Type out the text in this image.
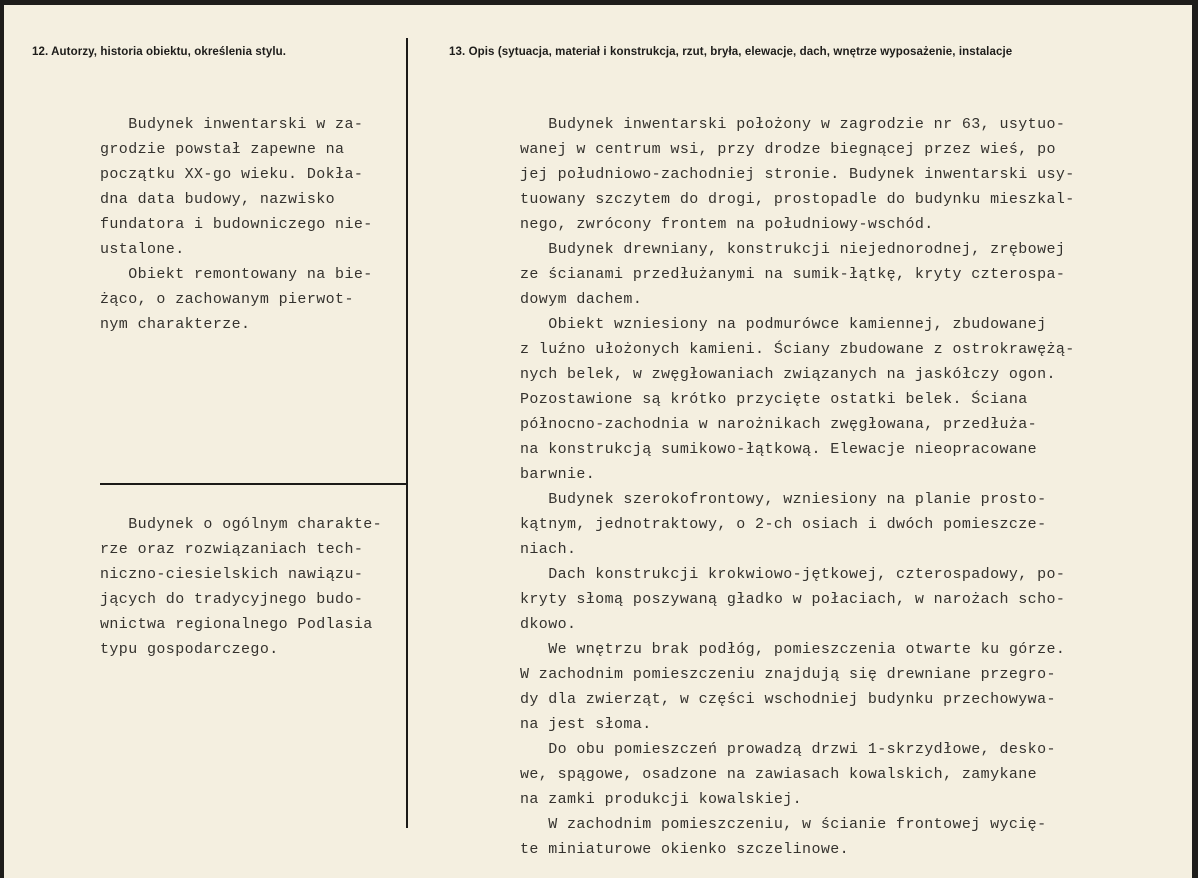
12. Autorzy, historia obiektu, określenia stylu.	13. Opis (sytuacja, materiał i konstrukcja, rzut, bryła, elewacje, dach, wnętrze wyposażenie, instalacje
Budynek inwentarski w za-
grodzie powstał zapewne na
początku XX-go wieku. Dokła-
dna data budowy, nazwisko
fundatora i budowniczego nie-
ustalone.
Obiekt remontowany na bie-
żąco, o zachowanym pierwot-
nym charakterze.
Budynek o ogólnym charakte-
rze oraz rozwiązaniach tech-
niczno-ciesielskich nawiązu-
jących do tradycyjnego budo-
wnictwa regionalnego Podlasia
typu gospodarczego.
Budynek inwentarski położony w zagrodzie nr 63, usytuo-
wanej w centrum wsi, przy drodze biegnącej przez wieś, po
jej południowo-zachodniej stronie. Budynek inwentarski usy-
tuowany szczytem do drogi, prostopadle do budynku mieszkal-
nego, zwrócony frontem na południowy-wschód.
Budynek drewniany, konstrukcji niejednorodnej, zrębowej
ze ścianami przedłużanymi na sumik-łątkę, kryty czterospa-
dowym dachem.
Obiekt wzniesiony na podmurówce kamiennej, zbudowanej
z luźno ułożonych kamieni. Ściany zbudowane z ostrokrawężą-
nych belek, w zwęgłowaniach związanych na jaskółczy ogon.
Pozostawione są krótko przycięte ostatki belek. Ściana
północno-zachodnia w narożnikach zwęgłowana, przedłuża-
na konstrukcją sumikowo-łątkową. Elewacje nieopracowane
barwnie.
Budynek szerokofrontowy, wzniesiony na planie prosto-
kątnym, jednotraktowy, o 2-ch osiach i dwóch pomieszcze-
niach.
Dach konstrukcji krokwiowo-jętkowej, czterospadowy, po-
kryty słomą poszywaną gładko w połaciach, w narożach scho-
dkowo.
We wnętrzu brak podłóg, pomieszczenia otwarte ku górze.
W zachodnim pomieszczeniu znajdują się drewniane przegro-
dy dla zwierząt, w części wschodniej budynku przechowywa-
na jest słoma.
Do obu pomieszczeń prowadzą drzwi 1-skrzydłowe, desko-
we, spągowe, osadzone na zawiasach kowalskich, zamykane
na zamki produkcji kowalskiej.
W zachodnim pomieszczeniu, w ścianie frontowej wycię-
te miniaturowe okienko szczelinowe.
